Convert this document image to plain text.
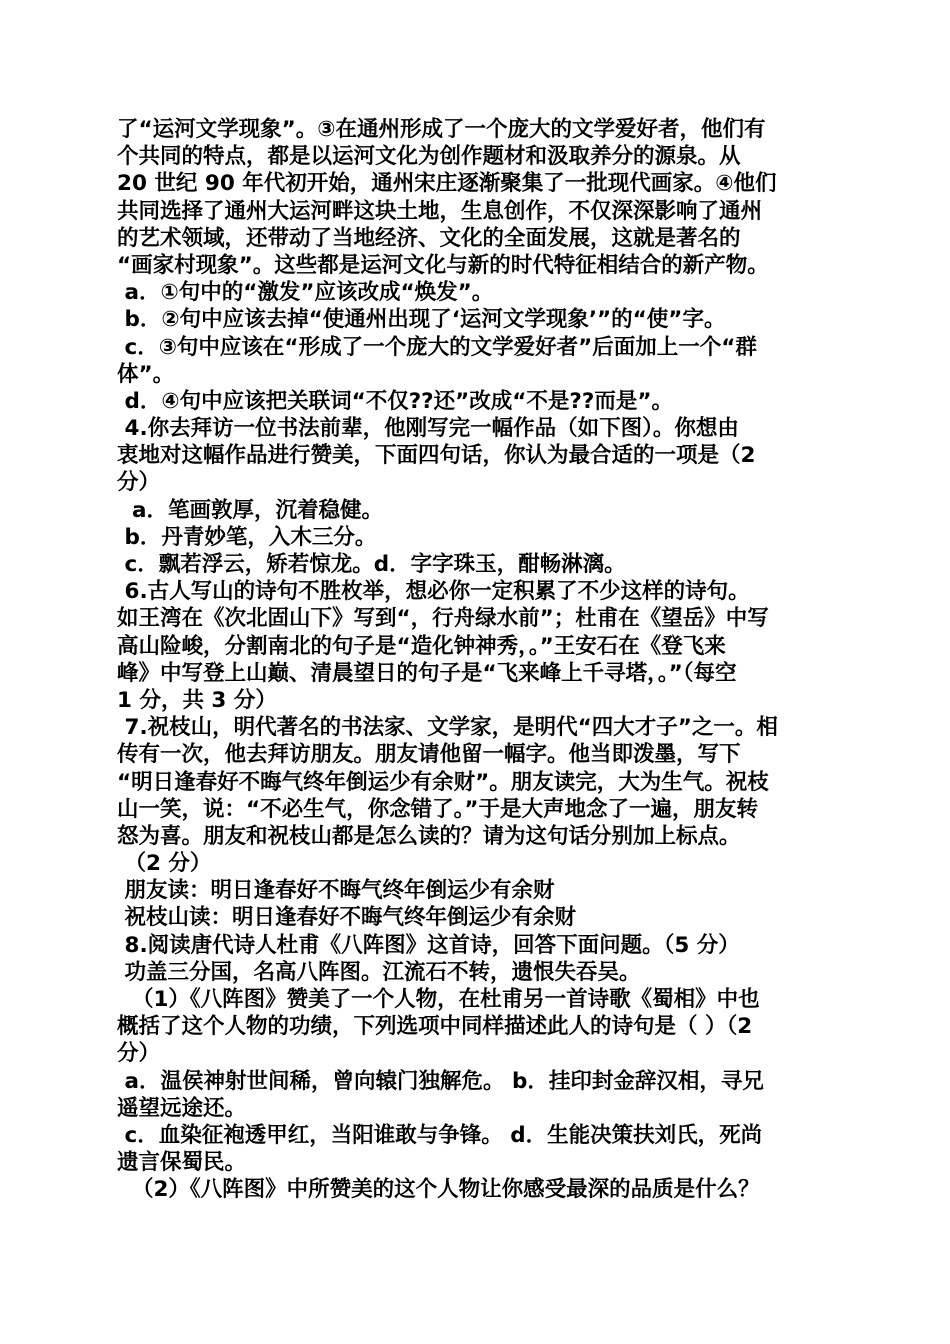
了“运河文学现象”。③在通州形成了一个庞大的文学爱好者，他们有
个共同的特点，都是以运河文化为创作题材和汲取养分的源泉。从
20 世纪 90 年代初开始，通州宋庄逐渐聚集了一批现代画家。④他们
共同选择了通州大运河畔这块土地，生息创作，不仅深深影响了通州
的艺术领域，还带动了当地经济、文化的全面发展，这就是著名的
“画家村现象”。这些都是运河文化与新的时代特征相结合的新产物。
a．①句中的“激发”应该改成“焕发”。
b．②句中应该去掉“使通州出现了‘运河文学现象’”的“使”字。
c．③句中应该在“形成了一个庞大的文学爱好者”后面加上一个“群
体”。
d．④句中应该把关联词“不仅??还”改成“不是??而是”。
4.你去拜访一位书法前辈，他刚写完一幅作品（如下图）。你想由
衷地对这幅作品进行赞美，下面四句话，你认为最合适的一项是（2
分）
a．笔画敦厚，沉着稳健。
b．丹青妙笔，入木三分。
c．飘若浮云，矫若惊龙。d．字字珠玉，酣畅淋漓。
6.古人写山的诗句不胜枚举，想必你一定积累了不少这样的诗句。
如王湾在《次北固山下》写到“，行舟绿水前”；杜甫在《望岳》中写
高山险峻，分割南北的句子是“造化钟神秀，。”王安石在《登飞来
峰》中写登上山巅、清晨望日的句子是“飞来峰上千寻塔，。”（每空
1 分，共 3 分）
7.祝枝山，明代著名的书法家、文学家，是明代“四大才子”之一。相
传有一次，他去拜访朋友。朋友请他留一幅字。他当即泼墨，写下
“明日逢春好不晦气终年倒运少有余财”。朋友读完，大为生气。祝枝
山一笑，说：“不必生气，你念错了。”于是大声地念了一遍，朋友转
怒为喜。朋友和祝枝山都是怎么读的？请为这句话分别加上标点。
（2 分）
朋友读：明日逢春好不晦气终年倒运少有余财
祝枝山读：明日逢春好不晦气终年倒运少有余财
8.阅读唐代诗人杜甫《八阵图》这首诗，回答下面问题。（5 分）
功盖三分国，名高八阵图。江流石不转，遗恨失吞吴。
（1）《八阵图》赞美了一个人物，在杜甫另一首诗歌《蜀相》中也
概括了这个人物的功绩，下列选项中同样描述此人的诗句是（ ）（2
分）
a．温侯神射世间稀，曾向辕门独解危。 b．挂印封金辞汉相，寻兄
遥望远途还。
c．血染征袍透甲红，当阳谁敢与争锋。 d．生能决策扶刘氏，死尚
遗言保蜀民。
（2）《八阵图》中所赞美的这个人物让你感受最深的品质是什么？
